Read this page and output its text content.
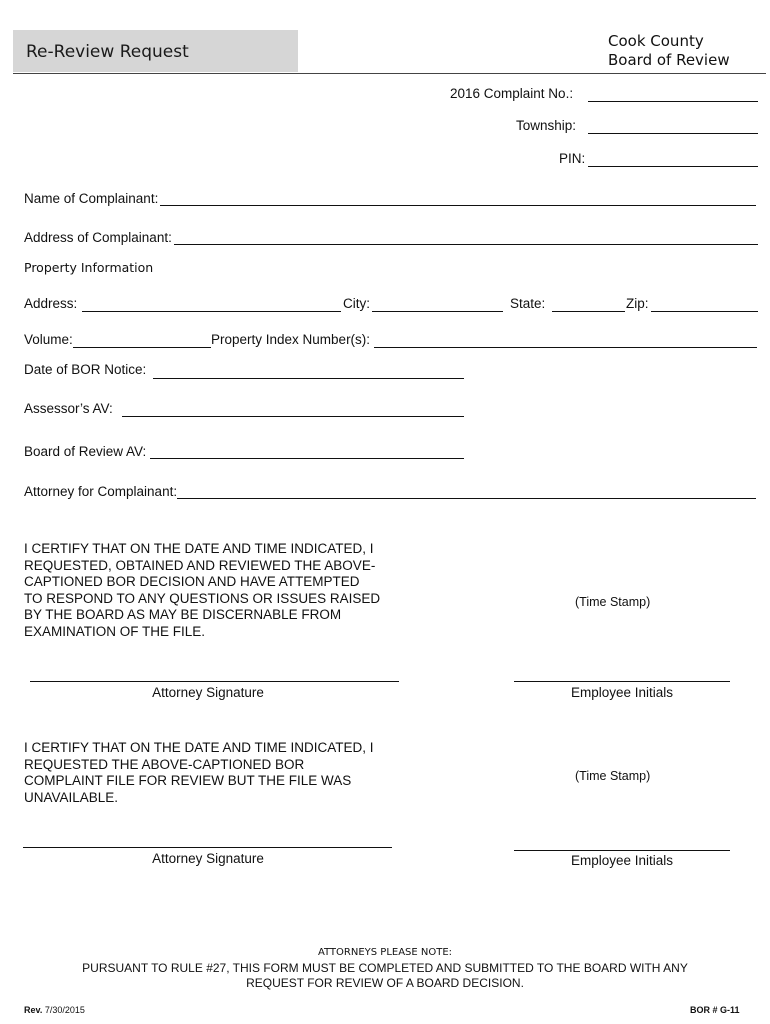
Re-Review Request
Cook County
Board of Review
2016 Complaint No.:
Township:
PIN:
Name of Complainant:
Address of Complainant:
Property Information
Address:	City:	State:	Zip:
Volume:	Property Index Number(s):
Date of BOR Notice:
Assessor’s AV:
Board of Review AV:
Attorney for Complainant:
I CERTIFY THAT ON THE DATE AND TIME INDICATED, I
REQUESTED, OBTAINED AND REVIEWED THE ABOVE-
CAPTIONED BOR DECISION AND HAVE ATTEMPTED
TO RESPOND TO ANY QUESTIONS OR ISSUES RAISED
BY THE BOARD AS MAY BE DISCERNABLE FROM
EXAMINATION OF THE FILE.
(Time Stamp)
Attorney Signature	Employee Initials
I CERTIFY THAT ON THE DATE AND TIME INDICATED, I
REQUESTED THE ABOVE-CAPTIONED BOR
COMPLAINT FILE FOR REVIEW BUT THE FILE WAS
UNAVAILABLE.
(Time Stamp)
Attorney Signature	Employee Initials
ATTORNEYS PLEASE NOTE:
PURSUANT TO RULE #27, THIS FORM MUST BE COMPLETED AND SUBMITTED TO THE BOARD WITH ANY
REQUEST FOR REVIEW OF A BOARD DECISION.
Rev. 7/30/2015	BOR # G-11
